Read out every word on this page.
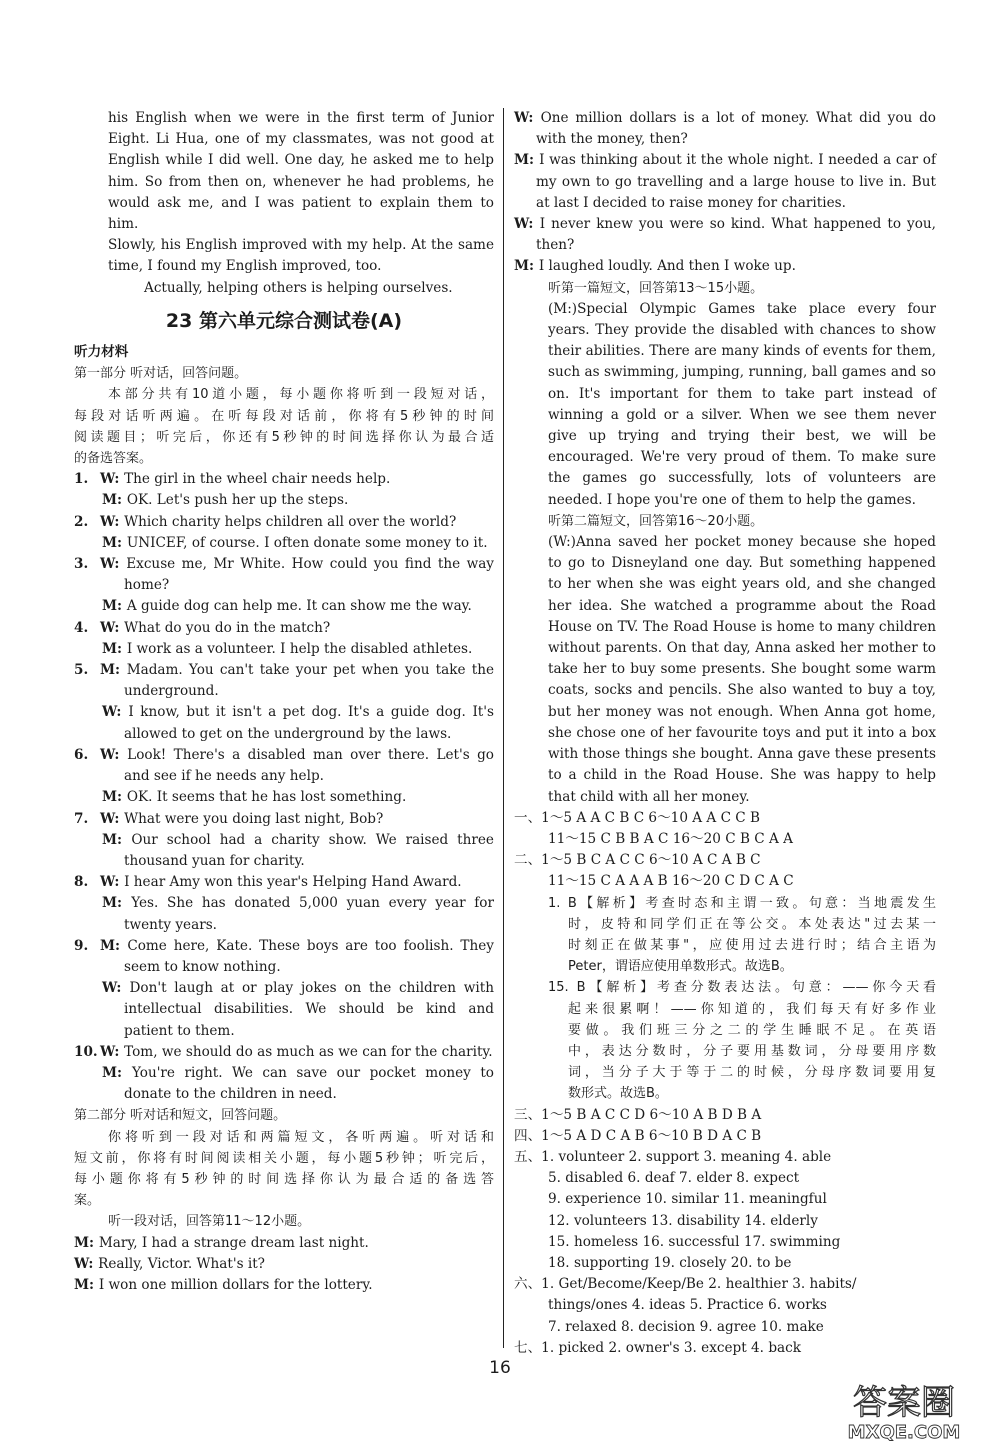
his English when we were in the first term of Junior
Eight. Li Hua, one of my classmates, was not good at
English while I did well. One day, he asked me to help
him. So from then on, whenever he had problems, he
would ask me, and I was patient to explain them to him.
Slowly, his English improved with my help. At the same
time, I found my English improved, too.
Actually, helping others is helping ourselves.
23 第六单元综合测试卷(A)
听力材料
第一部分 听对话，回答问题。
本部分共有10道小题，每小题你将听到一段短对话，
每段对话听两遍。在听每段对话前，你将有5秒钟的时间
阅读题目；听完后，你还有5秒钟的时间选择你认为最合适
的备选答案。
1. W: The girl in the wheel chair needs help.
M: OK. Let's push her up the steps.
2. W: Which charity helps children all over the world?
M: UNICEF, of course. I often donate some money to it.
3. W: Excuse me, Mr White. How could you find the way home?
M: A guide dog can help me. It can show me the way.
4. W: What do you do in the match?
M: I work as a volunteer. I help the disabled athletes.
5. M: Madam. You can't take your pet when you take the underground.
W: I know, but it isn't a pet dog. It's a guide dog. It's allowed to get on the underground by the laws.
6. W: Look! There's a disabled man over there. Let's go and see if he needs any help.
M: OK. It seems that he has lost something.
7. W: What were you doing last night, Bob?
M: Our school had a charity show. We raised three thousand yuan for charity.
8. W: I hear Amy won this year's Helping Hand Award.
M: Yes. She has donated 5,000 yuan every year for twenty years.
9. M: Come here, Kate. These boys are too foolish. They seem to know nothing.
W: Don't laugh at or play jokes on the children with intellectual disabilities. We should be kind and patient to them.
10. W: Tom, we should do as much as we can for the charity.
M: You're right. We can save our pocket money to donate to the children in need.
第二部分 听对话和短文，回答问题。
你将听到一段对话和两篇短文，各听两遍。听对话和
短文前，你将有时间阅读相关小题，每小题5秒钟；听完后，
每小题你将有5秒钟的时间选择你认为最合适的备选答
案。
听一段对话，回答第11～12小题。
M: Mary, I had a strange dream last night.
W: Really, Victor. What's it?
M: I won one million dollars for the lottery.
W: One million dollars is a lot of money. What did you do with the money, then?
M: I was thinking about it the whole night. I needed a car of my own to go travelling and a large house to live in. But at last I decided to raise money for charities.
W: I never knew you were so kind. What happened to you, then?
M: I laughed loudly. And then I woke up.
听第一篇短文，回答第13～15小题。

(M:)Special Olympic Games take place every four years. They provide the disabled with chances to show their abilities. There are many kinds of events for them, such as swimming, jumping, running, ball games and so on. It's important for them to take part instead of winning a gold or a silver. When we see them never give up trying and trying their best, we will be encouraged. We're very proud of them. To make sure the games go successfully, lots of volunteers are needed. I hope you're one of them to help the games.

听第二篇短文，回答第16～20小题。

(W:)Anna saved her pocket money because she hoped to go to Disneyland one day. But something happened to her when she was eight years old, and she changed her idea. She watched a programme about the Road House on TV. The Road House is home to many children without parents. On that day, Anna asked her mother to take her to buy some presents. She bought some warm coats, socks and pencils. She also wanted to buy a toy, but her money was not enough. When Anna got home, she chose one of her favourite toys and put it into a box with those things she bought. Anna gave these presents to a child in the Road House. She was happy to help that child with all her money.

一、1～5 A A C B C 6～10 A A C C B
11～15 C B B A C 16～20 C B C A A
二、1～5 B C A C C 6～10 A C A B C
11～15 C A A A B 16～20 C D C A C
1. B【解析】考查时态和主谓一致。句意：当地震发生
时，皮特和同学们正在等公交。本处表达"过去某一
时刻正在做某事"，应使用过去进行时；结合主语为
Peter，谓语应使用单数形式。故选B。
15. B【解析】考查分数表达法。句意：——你今天看
起来很累啊！——你知道的，我们每天有好多作业
要做。我们班三分之二的学生睡眠不足。在英语
中，表达分数时，分子要用基数词，分母要用序数
词，当分子大于等于二的时候，分母序数词要用复
数形式。故选B。
三、1～5 B A C C D 6～10 A B D B A
四、1～5 A D C A B 6～10 B D A C B
五、1. volunteer 2. support 3. meaning 4. able
5. disabled 6. deaf 7. elder 8. expect
9. experience 10. similar 11. meaningful
12. volunteers 13. disability 14. elderly
15. homeless 16. successful 17. swimming
18. supporting 19. closely 20. to be
六、1. Get/Become/Keep/Be 2. healthier 3. habits/
things/ones 4. ideas 5. Practice 6. works
7. relaxed 8. decision 9. agree 10. make
七、1. picked 2. owner's 3. except 4. back
16
答案圈
MXQE.COM
